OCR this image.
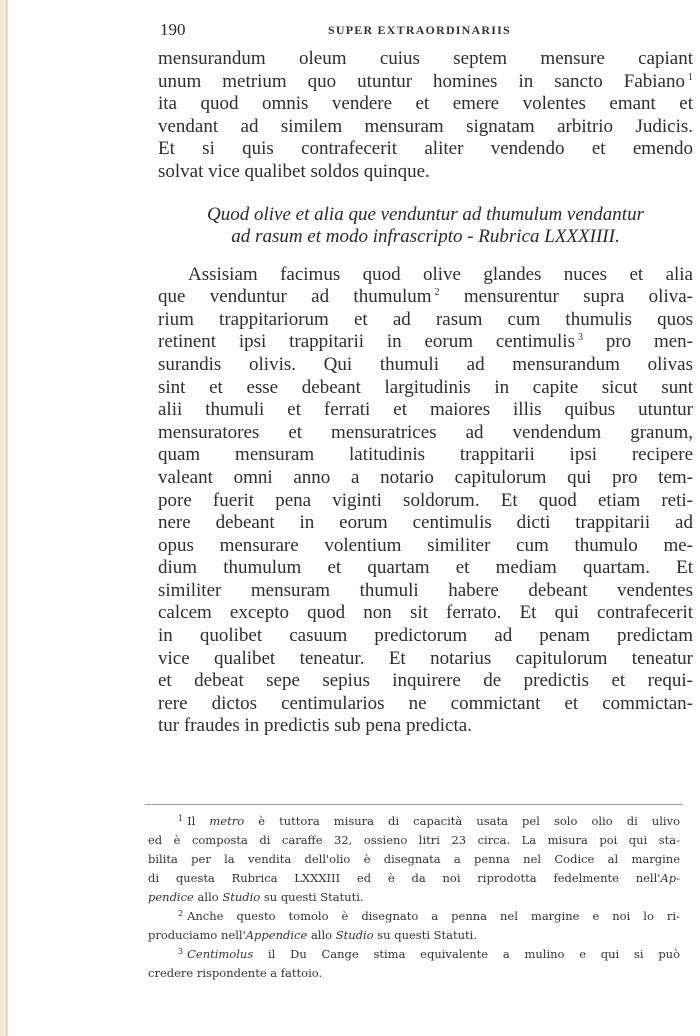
190	SUPER EXTRAORDINARIIS
mensurandum oleum cuius septem mensure capiant
unum metrium quo utuntur homines in sancto Fabiano $^1$
ita quod omnis vendere et emere volentes emant et
vendant ad similem mensuram signatam arbitrio Judicis.
Et si quis contrafecerit aliter vendendo et emendo
solvat vice qualibet soldos quinque.
Quod olive et alia que venduntur ad thumulum vendantur
ad rasum et modo infrascripto - Rubrica LXXXIIII.
Assisiam facimus quod olive glandes nuces et alia
que venduntur ad thumulum $^2$ mensurentur supra oliva-
rium trappitariorum et ad rasum cum thumulis quos
retinent ipsi trappitarii in eorum centimulis $^3$ pro men-
surandis olivis. Qui thumuli ad mensurandum olivas
sint et esse debeant largitudinis in capite sicut sunt
alii thumuli et ferrati et maiores illis quibus utuntur
mensuratores et mensuratrices ad vendendum granum,
quam mensuram latitudinis trappitarii ipsi recipere
valeant omni anno a notario capitulorum qui pro tem-
pore fuerit pena viginti soldorum. Et quod etiam reti-
nere debeant in eorum centimulis dicti trappitarii ad
opus mensurare volentium similiter cum thumulo me-
dium thumulum et quartam et mediam quartam. Et
similiter mensuram thumuli habere debeant vendentes
calcem excepto quod non sit ferrato. Et qui contrafecerit
in quolibet casuum predictorum ad penam predictam
vice qualibet teneatur. Et notarius capitulorum teneatur
et debeat sepe sepius inquirere de predictis et requi-
rere dictos centimularios ne commictant et commictan-
tur fraudes in predictis sub pena predicta.
$^1$ Il metro è tuttora misura di capacità usata pel solo olio di ulivo
ed è composta di caraffe 32, ossieno litri 23 circa. La misura poi qui sta-
bilita per la vendita dell'olio è disegnata a penna nel Codice al margine
di questa Rubrica LXXXIII ed è da noi riprodotta fedelmente nell'Ap-
pendice allo Studio su questi Statuti.
$^2$ Anche questo tomolo è disegnato a penna nel margine e noi lo ri-
produciamo nell'Appendice allo Studio su questi Statuti.
$^3$ Centimolus il Du Cange stima equivalente a mulino e qui si può
credere rispondente a fattoio.
